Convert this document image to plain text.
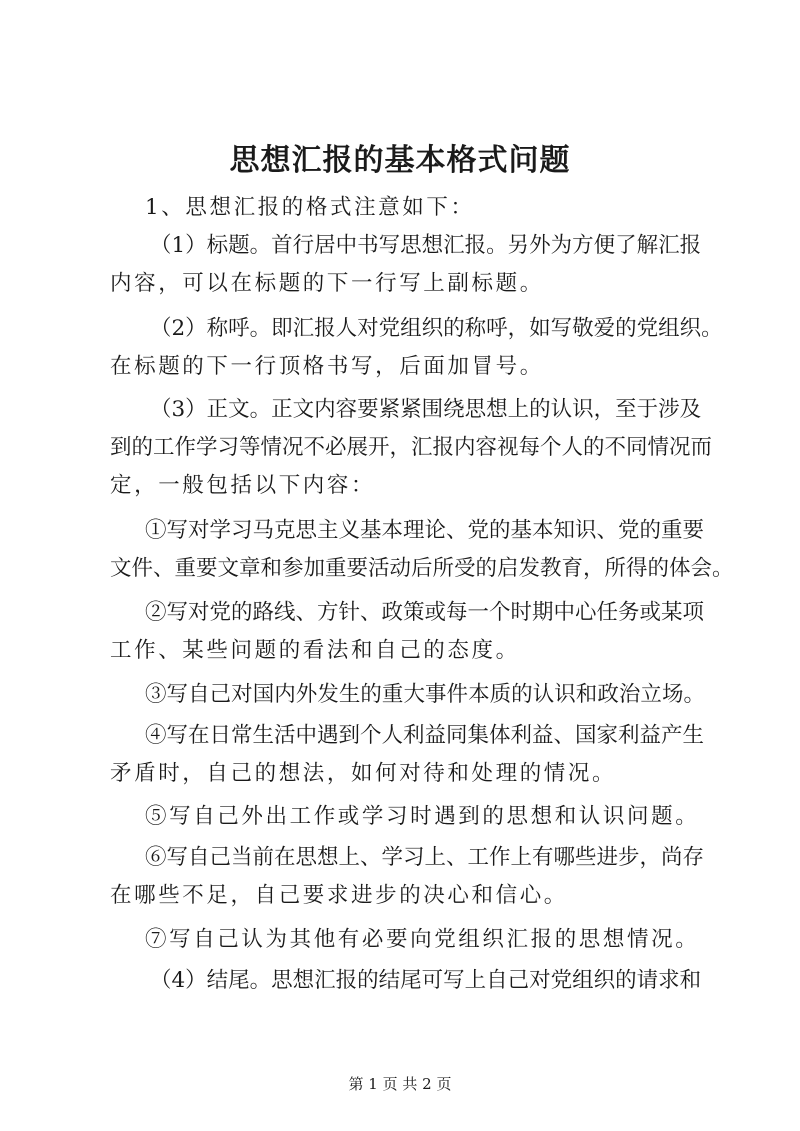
思想汇报的基本格式问题
1、思想汇报的格式注意如下：
（1）标题。首行居中书写思想汇报。另外为方便了解汇报
内容，可以在标题的下一行写上副标题。
（2）称呼。即汇报人对党组织的称呼，如写敬爱的党组织。
在标题的下一行顶格书写，后面加冒号。
（3）正文。正文内容要紧紧围绕思想上的认识，至于涉及
到的工作学习等情况不必展开，汇报内容视每个人的不同情况而
定，一般包括以下内容：
①写对学习马克思主义基本理论、党的基本知识、党的重要
文件、重要文章和参加重要活动后所受的启发教育，所得的体会。
②写对党的路线、方针、政策或每一个时期中心任务或某项
工作、某些问题的看法和自己的态度。
③写自己对国内外发生的重大事件本质的认识和政治立场。
④写在日常生活中遇到个人利益同集体利益、国家利益产生
矛盾时，自己的想法，如何对待和处理的情况。
⑤写自己外出工作或学习时遇到的思想和认识问题。
⑥写自己当前在思想上、学习上、工作上有哪些进步，尚存
在哪些不足，自己要求进步的决心和信心。
⑦写自己认为其他有必要向党组织汇报的思想情况。
（4）结尾。思想汇报的结尾可写上自己对党组织的请求和
第 1 页 共 2 页
